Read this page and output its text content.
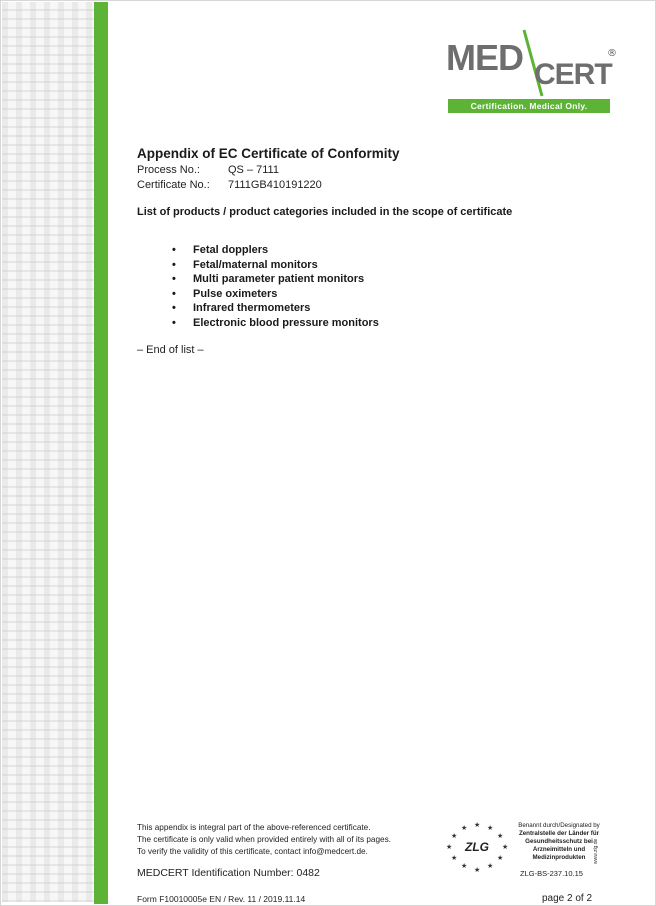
MED CERT
®
Certification. Medical Only.
Appendix of EC Certificate of Conformity
Process No.:	QS – 7111
Certificate No.: 7111GB410191220
List of products / product categories included in the scope of certificate
• Fetal dopplers
• Fetal/maternal monitors
• Multi parameter patient monitors
• Pulse oximeters
• Infrared thermometers
• Electronic blood pressure monitors
– End of list –
This appendix is integral part of the above-referenced certificate.
The certificate is only valid when provided entirely with all of its pages.
To verify the validity of this certificate, contact info@medcert.de.
MEDCERT Identification Number: 0482
Form F10010005e EN / Rev. 11 / 2019.11.14	page 2 of 2
★
★	★
★	★
★	★
★	★
★	★
★
ZLG
Benannt durch/Designated by
Zentralstelle der Länder für Gesundheitsschutz bei Arzneimitteln und Medizinprodukten
ZLG-BS-237.10.15
www.zlg.de
